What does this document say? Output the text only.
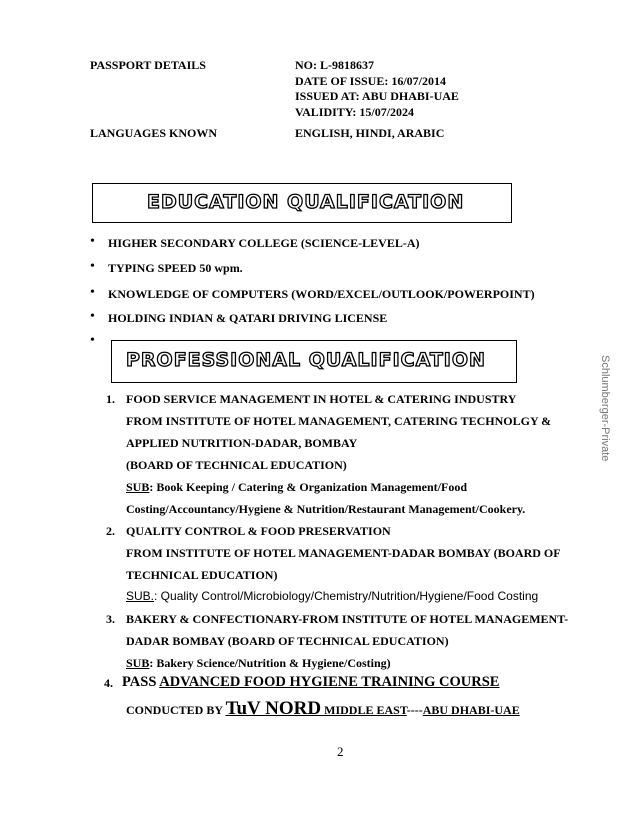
PASSPORT DETAILS	NO: L-9818637
DATE OF ISSUE: 16/07/2014
ISSUED AT: ABU DHABI-UAE
VALIDITY: 15/07/2024
LANGUAGES KNOWN	ENGLISH, HINDI, ARABIC
EDUCATION QUALIFICATION
• HIGHER SECONDARY COLLEGE (SCIENCE-LEVEL-A)
• TYPING SPEED 50 wpm.
• KNOWLEDGE OF COMPUTERS (WORD/EXCEL/OUTLOOK/POWERPOINT)
• HOLDING INDIAN & QATARI DRIVING LICENSE
•
PROFESSIONAL QUALIFICATION
1. FOOD SERVICE MANAGEMENT IN HOTEL & CATERING INDUSTRY
FROM INSTITUTE OF HOTEL MANAGEMENT, CATERING TECHNOLGY &
APPLIED NUTRITION-DADAR, BOMBAY
(BOARD OF TECHNICAL EDUCATION)
SUB: Book Keeping / Catering & Organization Management/Food
Costing/Accountancy/Hygiene & Nutrition/Restaurant Management/Cookery.
2. QUALITY CONTROL & FOOD PRESERVATION
FROM INSTITUTE OF HOTEL MANAGEMENT-DADAR BOMBAY (BOARD OF
TECHNICAL EDUCATION)
SUB.: Quality Control/Microbiology/Chemistry/Nutrition/Hygiene/Food Costing
3. BAKERY & CONFECTIONARY-FROM INSTITUTE OF HOTEL MANAGEMENT-
DADAR BOMBAY (BOARD OF TECHNICAL EDUCATION)
SUB: Bakery Science/Nutrition & Hygiene/Costing)
4. PASS ADVANCED FOOD HYGIENE TRAINING COURSE
CONDUCTED BY TuV NORD MIDDLE EAST----ABU DHABI-UAE
2
Schlumberger-Private
